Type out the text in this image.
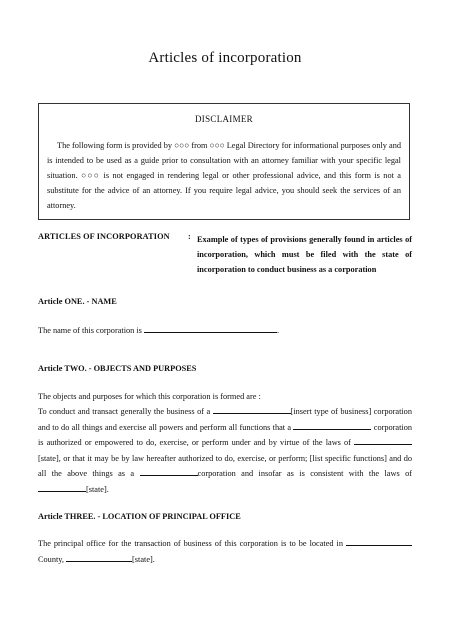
Articles of incorporation
DISCLAIMER
The following form is provided by ○○○ from ○○○ Legal Directory for informational purposes only and is intended to be used as a guide prior to consultation with an attorney familiar with your specific legal situation. ○○○ is not engaged in rendering legal or other professional advice, and this form is not a substitute for the advice of an attorney. If you require legal advice, you should seek the services of an attorney.
ARTICLES OF INCORPORATION : Example of types of provisions generally found in articles of incorporation, which must be filed with the state of incorporation to conduct business as a corporation
Article ONE. - NAME
The name of this corporation is	.
Article TWO. - OBJECTS AND PURPOSES
The objects and purposes for which this corporation is formed are :
To conduct and transact generally the business of a	[insert type of business] corporation and to do all things and exercise all powers and perform all functions that a	corporation is authorized or empowered to do, exercise, or perform under and by virtue of the laws of [state], or that it may be by law hereafter authorized to do, exercise, or perform; [list specific functions] and do all the above things as a	corporation and insofar as is consistent with the laws of [state].
Article THREE. - LOCATION OF PRINCIPAL OFFICE
The principal office for the transaction of business of this corporation is to be located in  County,	[state].
